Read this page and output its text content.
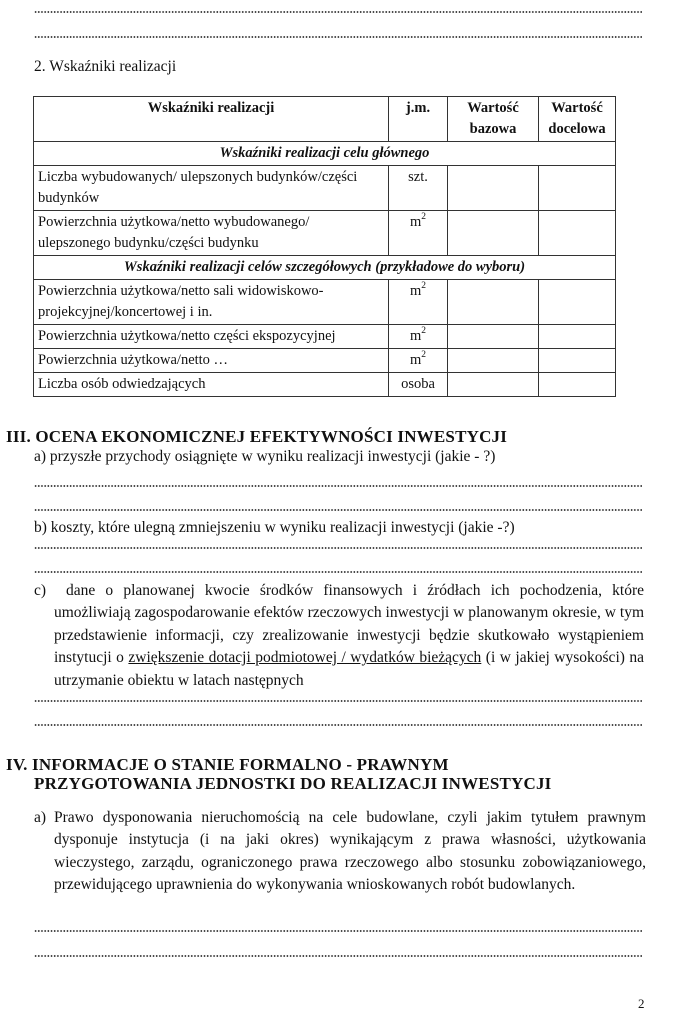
2. Wskaźniki realizacji
Wskaźniki realizacji	j.m.	Wartość bazowa	Wartość docelowa
Wskaźniki realizacji celu głównego			
Liczba wybudowanych/ ulepszonych budynków/części budynków	szt.		
Powierzchnia użytkowa/netto wybudowanego/ ulepszonego budynku/części budynku	$m^2$		
Wskaźniki realizacji celów szczegółowych (przykładowe do wyboru)			
Powierzchnia użytkowa/netto sali widowiskowo-projekcyjnej/koncertowej i in.	$m^2$		
Powierzchnia użytkowa/netto części ekspozycyjnej	$m^2$		
Powierzchnia użytkowa/netto …	$m^2$		
Liczba osób odwiedzających	osoba		
III. OCENA EKONOMICZNEJ EFEKTYWNOŚCI INWESTYCJI
a) przyszłe przychody osiągnięte w wyniku realizacji inwestycji (jakie - ?)
b) koszty, które ulegną zmniejszeniu w wyniku realizacji inwestycji (jakie -?)
c)	dane o planowanej kwocie środków finansowych i źródłach ich pochodzenia, które umożliwiają zagospodarowanie efektów rzeczowych inwestycji w planowanym okresie, w tym przedstawienie informacji, czy zrealizowanie inwestycji będzie skutkowało wystąpieniem instytucji o zwiększenie dotacji podmiotowej / wydatków bieżących (i w jakiej wysokości) na utrzymanie obiektu w latach następnych
IV. INFORMACJE O STANIE FORMALNO - PRAWNYM
PRZYGOTOWANIA JEDNOSTKI DO REALIZACJI INWESTYCJI
a) Prawo dysponowania nieruchomością na cele budowlane, czyli jakim tytułem prawnym dysponuje instytucja (i na jaki okres) wynikającym z prawa własności, użytkowania wieczystego, zarządu, ograniczonego prawa rzeczowego albo stosunku zobowiązaniowego, przewidującego uprawnienia do wykonywania wnioskowanych robót budowlanych.
2
